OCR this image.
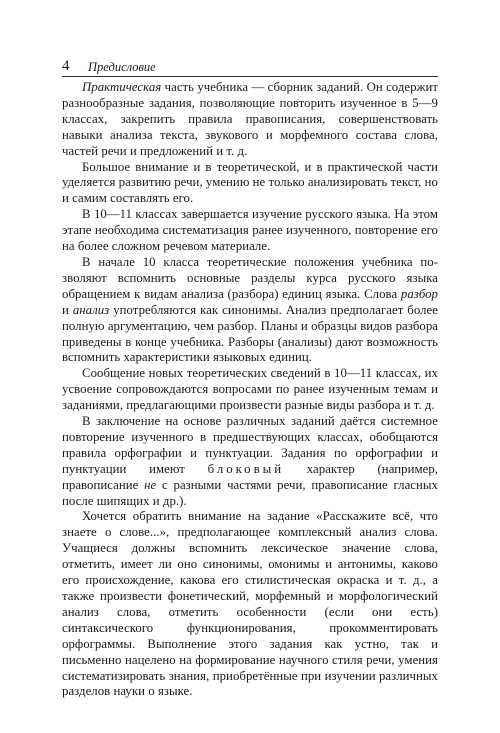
4 Предисловие

Практическая часть учебника — сборник заданий. Он содержит разнообразные задания, позволяющие повторить изученное в 5—9 классах, закрепить правила правописания, совершенствовать навыки анализа текста, звукового и морфемного состава слова, частей речи и предложений и т. д.

Большое внимание и в теоретической, и в практической части уделяется развитию речи, умению не только анализировать текст, но и самим составлять его.

В 10—11 классах завершается изучение русского языка. На этом этапе необходима систематизация ранее изученного, повторение его на более сложном речевом материале.

В начале 10 класса теоретические положения учебника позволяют вспомнить основные разделы курса русского языка обращением к видам анализа (разбора) единиц языка. Слова разбор и анализ употребляются как синонимы. Анализ предполагает более полную аргументацию, чем разбор. Планы и образцы видов разбора приведены в конце учебника. Разборы (анализы) дают возможность вспомнить характеристики языковых единиц.

Сообщение новых теоретических сведений в 10—11 классах, их усвоение сопровождаются вопросами по ранее изученным темам и заданиями, предлагающими произвести разные виды разбора и т. д.

В заключение на основе различных заданий даётся системное повторение изученного в предшествующих классах, обобщаются правила орфографии и пунктуации. Задания по орфографии и пунктуации имеют блоковый характер (например, правописание не с разными частями речи, правописание гласных после шипящих и др.).

Хочется обратить внимание на задание «Расскажите всё, что знаете о слове...», предполагающее комплексный анализ слова. Учащиеся должны вспомнить лексическое значение слова, отметить, имеет ли оно синонимы, омонимы и антонимы, каково его происхождение, какова его стилистическая окраска и т. д., а также произвести фонетический, морфемный и морфологический анализ слова, отметить особенности (если они есть) синтаксического функционирования, прокомментировать орфограммы. Выполнение этого задания как устно, так и письменно нацелено на формирование научного стиля речи, умения систематизировать знания, приобретённые при изучении различных разделов науки о языке.
